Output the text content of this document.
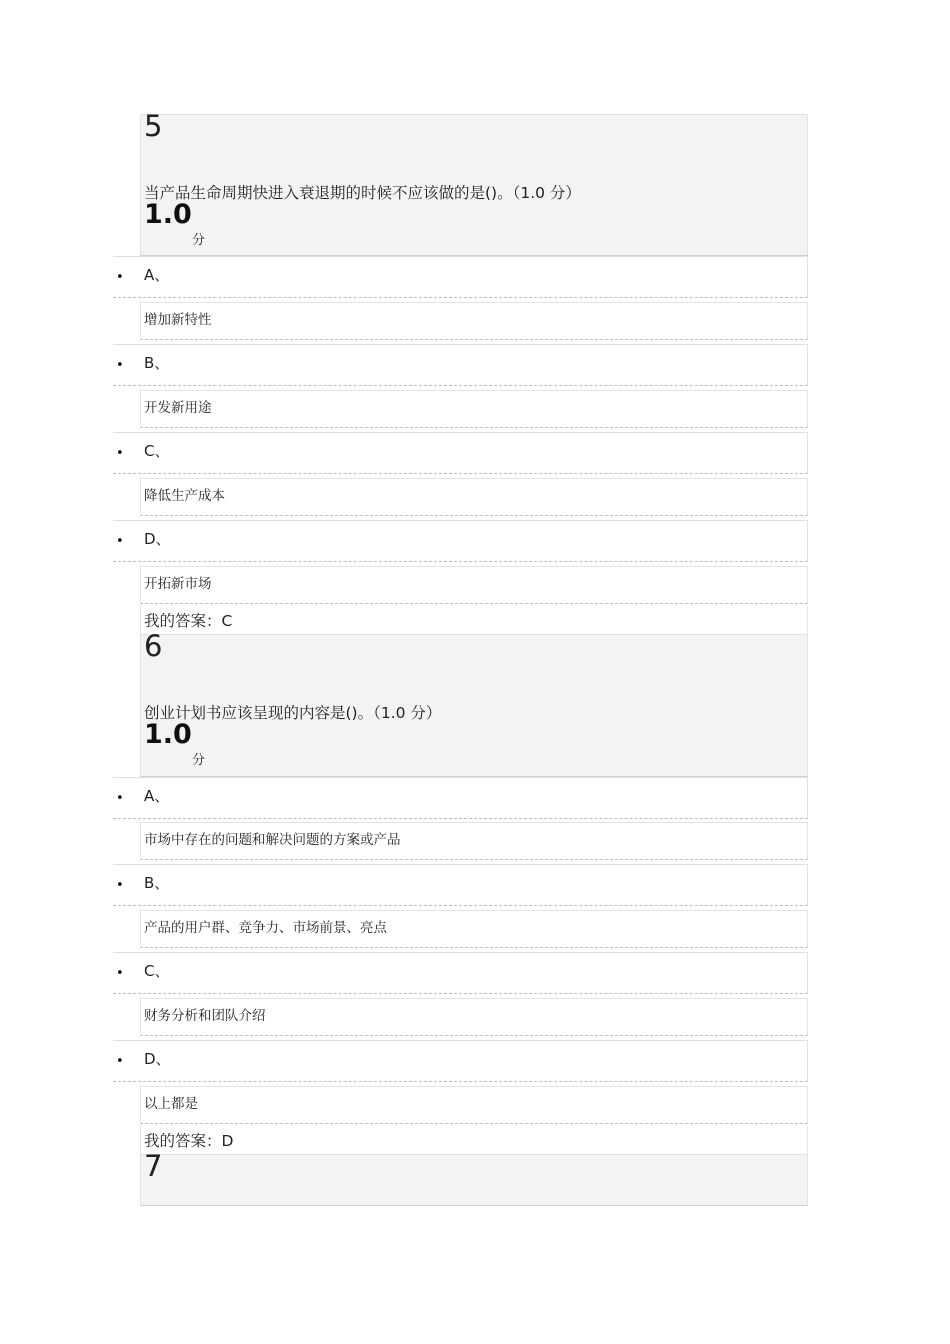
5
当产品生命周期快进入衰退期的时候不应该做的是()。（1.0 分）
1.0
分
• A、
增加新特性
• B、
开发新用途
• C、
降低生产成本
• D、
开拓新市场
我的答案：C
6
创业计划书应该呈现的内容是()。（1.0 分）
1.0
分
• A、
市场中存在的问题和解决问题的方案或产品
• B、
产品的用户群、竞争力、市场前景、亮点
• C、
财务分析和团队介绍
• D、
以上都是
我的答案：D
7
